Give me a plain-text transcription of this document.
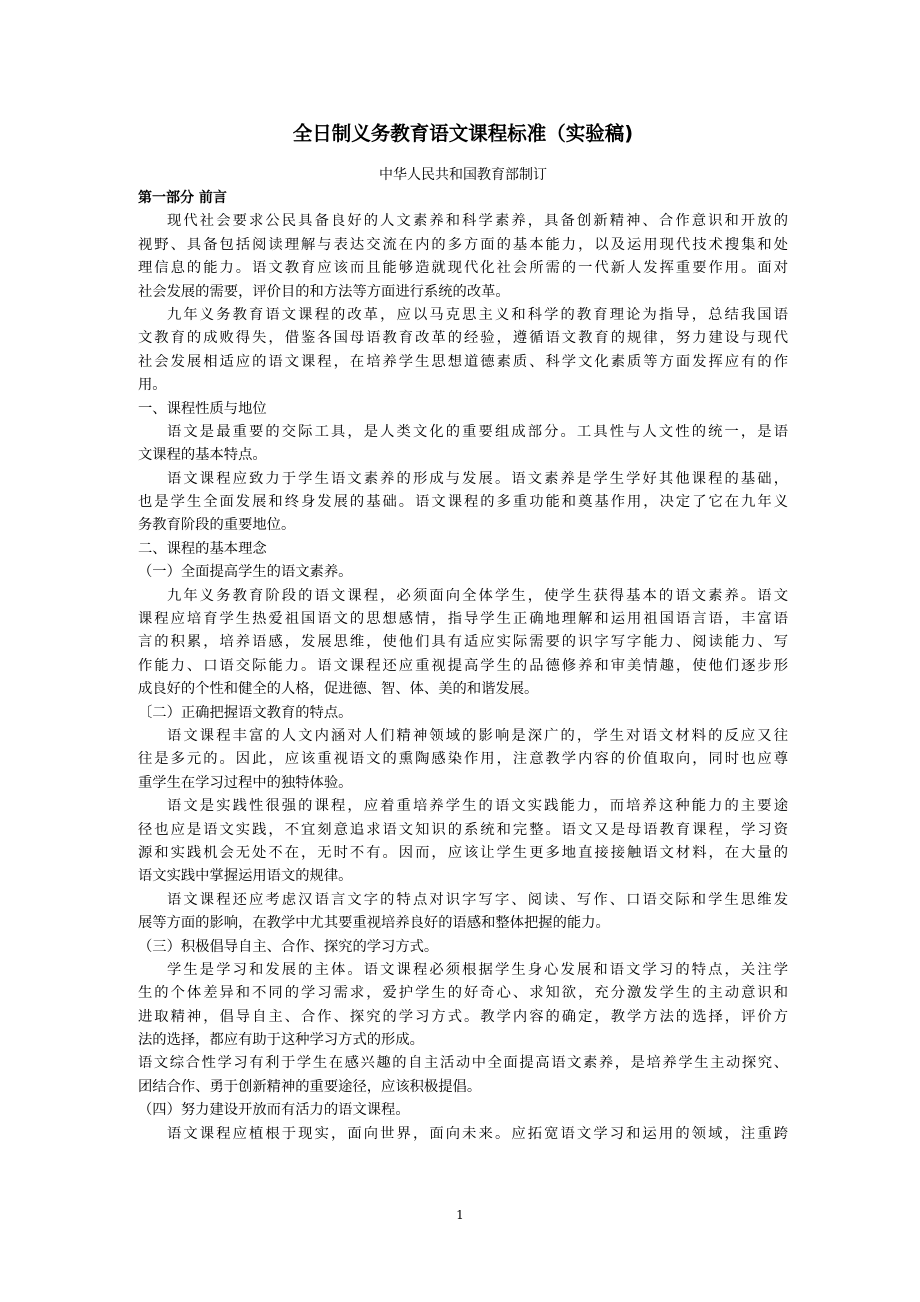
全日制义务教育语文课程标准（实验稿)
中华人民共和国教育部制订
第一部分 前言
现代社会要求公民具备良好的人文素养和科学素养，具备创新精神、合作意识和开放的
视野、具备包括阅读理解与表达交流在内的多方面的基本能力，以及运用现代技术搜集和处
理信息的能力。语文教育应该而且能够造就现代化社会所需的一代新人发挥重要作用。面对
社会发展的需要，评价目的和方法等方面进行系统的改革。
九年义务教育语文课程的改革，应以马克思主义和科学的教育理论为指导，总结我国语
文教育的成败得失，借鉴各国母语教育改革的经验，遵循语文教育的规律，努力建设与现代
社会发展相适应的语文课程，在培养学生思想道德素质、科学文化素质等方面发挥应有的作
用。
一、课程性质与地位
语文是最重要的交际工具，是人类文化的重要组成部分。工具性与人文性的统一，是语
文课程的基本特点。
语文课程应致力于学生语文素养的形成与发展。语文素养是学生学好其他课程的基础，
也是学生全面发展和终身发展的基础。语文课程的多重功能和奠基作用，决定了它在九年义
务教育阶段的重要地位。
二、课程的基本理念
（一）全面提高学生的语文素养。
九年义务教育阶段的语文课程，必须面向全体学生，使学生获得基本的语文素养。语文
课程应培育学生热爱祖国语文的思想感情，指导学生正确地理解和运用祖国语言语，丰富语
言的积累，培养语感，发展思维，使他们具有适应实际需要的识字写字能力、阅读能力、写
作能力、口语交际能力。语文课程还应重视提高学生的品德修养和审美情趣，使他们逐步形
成良好的个性和健全的人格，促进德、智、体、美的和谐发展。
〔二）正确把握语文教育的特点。
语文课程丰富的人文内涵对人们精神领域的影响是深广的，学生对语文材料的反应又往
往是多元的。因此，应该重视语文的熏陶感染作用，注意教学内容的价值取向，同时也应尊
重学生在学习过程中的独特体验。
语文是实践性很强的课程，应着重培养学生的语文实践能力，而培养这种能力的主要途
径也应是语文实践，不宜刻意追求语文知识的系统和完整。语文又是母语教育课程，学习资
源和实践机会无处不在，无时不有。因而，应该让学生更多地直接接触语文材料，在大量的
语文实践中掌握运用语文的规律。
语文课程还应考虑汉语言文字的特点对识字写字、阅读、写作、口语交际和学生思维发
展等方面的影响，在教学中尤其要重视培养良好的语感和整体把握的能力。
（三）积极倡导自主、合作、探究的学习方式。
学生是学习和发展的主体。语文课程必须根据学生身心发展和语文学习的特点，关注学
生的个体差异和不同的学习需求，爱护学生的好奇心、求知欲，充分激发学生的主动意识和
进取精神，倡导自主、合作、探究的学习方式。教学内容的确定，教学方法的选择，评价方
法的选择，都应有助于这种学习方式的形成。
语文综合性学习有利于学生在感兴趣的自主活动中全面提高语文素养，是培养学生主动探究、
团结合作、勇于创新精神的重要途径，应该积极提倡。
（四）努力建设开放而有活力的语文课程。
语文课程应植根于现实，面向世界，面向未来。应拓宽语文学习和运用的领域，注重跨
1
